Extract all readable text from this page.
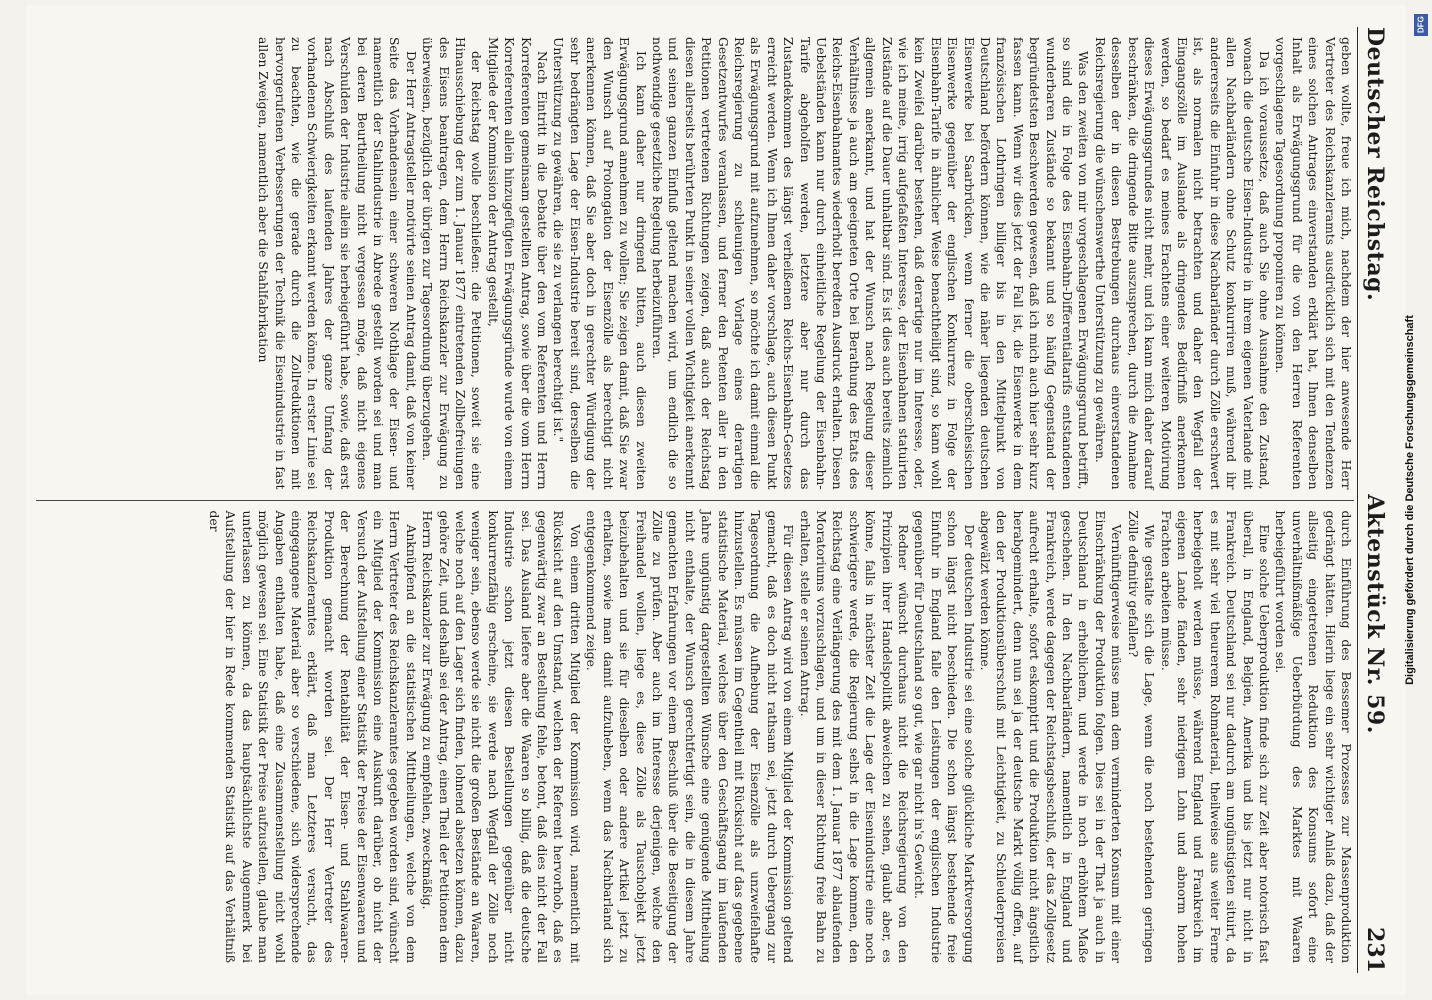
Deutscher Reichstag.
Aktenstück Nr. 59.
231

geben wollte, freue ich mich, nachdem der hier anwesende Herr Vertreter des Reichskanzleramts ausdrücklich sich mit den Tendenzen eines solchen Antrages einverstanden erklärt hat, Ihnen denselben Inhalt als Erwägungsgrund für die von den Herren Referenten vorgeschlagene Tagesordnung proponiren zu können.

Da ich voraussetze, daß auch Sie ohne Ausnahme den Zustand, wonach die deutsche Eisen-Industrie in ihrem eigenen Vaterlande mit allen Nachbarländern ohne Schutz konkurriren muß, während ihr andererseits die Einfuhr in diese Nachbarländer durch Zölle erschwert ist, als normalen nicht betrachten und daher den Wegfall der Eingangszölle im Auslande als dringendes Bedürfniß anerkennen werden, so bedarf es meines Erachtens einer weiteren Motivirung dieses Erwägungsgrundes nicht mehr, und ich kann mich daher darauf beschränken, die dringende Bitte auszusprechen, durch die Annahme desselben der in diesen Bestrebungen durchaus einverstandenen Reichsregierung die wünschenswerthe Unterstützung zu gewähren.

Was den zweiten von mir vorgeschlagenen Erwägungsgrund betrifft, so sind die in Folge des Eisenbahn-Differentialtarifs entstandenen wunderbaren Zustände so bekannt und so häufig Gegenstand der begründetsten Beschwerden gewesen, daß ich mich auch hier sehr kurz fassen kann. Wenn wir dies jetzt der Fall ist, die Eisenwerke in dem französischen Lothringen billiger bis in den Mittelpunkt von Deutschland befördern können, wie die näher liegenden deutschen Eisenwerke bei Saarbrücken, wenn ferner die oberschlesischen Eisenwerke gegenüber der englischen Konkurrenz in Folge der Eisenbahn-Tarife in ähnlicher Weise benachtheiligt sind, so kann wohl kein Zweifel darüber bestehen, daß derartige nur im Interesse, oder, wie ich meine, irrig aufgefaßten Interesse, der Eisenbahnen statuirten Zustände auf die Dauer unhaltbar sind. Es ist dies auch bereits ziemlich allgemein anerkannt, und hat der Wunsch nach Regelung dieser Verhältnisse ja auch am geeigneten Orte bei Berathung des Etats des Reichs-Eisenbahnamtes wiederholt beredten Ausdruck erhalten. Diesen Uebelständen kann nur durch einheitliche Regelung der Eisenbahn-Tarife abgeholfen werden, letztere aber nur durch das Zustandekommen des längst verheißenen Reichs-Eisenbahn-Gesetzes erreicht werden. Wenn ich Ihnen daher vorschlage, auch diesen Punkt als Erwägungsgrund mit aufzunehmen, so möchte ich damit einmal die Reichsregierung zu schleunigen Vorlage eines derartigen Gesetzentwurfes veranlassen, und ferner den Petenten aller in den Petitionen vertretenen Richtungen zeigen, daß auch der Reichstag diesen allerseits berührten Punkt in seiner vollen Wichtigkeit anerkennt und seinen ganzen Einfluß geltend machen wird, um endlich die so nothwendige gesetzliche Regelung herbeizuführen.

Ich kann daher nur dringend bitten, auch diesen zweiten Erwägungsgrund annehmen zu wollen; Sie zeigen damit, daß Sie zwar den Wunsch auf Prolongation der Eisenzölle als berechtigt nicht anerkennen können, daß Sie aber doch in gerechter Würdigung der sehr bedrängten Lage der Eisen-Industrie bereit sind, derselben die Unterstützung zu gewähren, die sie zu verlangen berechtigt ist."

Nach Eintritt in die Debatte über den vom Referenten und Herrn Korreferenten gemeinsam gestellten Antrag, sowie über die vom Herrn Korreferenten allein hinzugefügten Erwägungsgründe wurde von einem Mitgliede der Kommission der Antrag gestellt,

der Reichstag wolle beschließen: die Petitionen, soweit sie eine Hinausschiebung der zum 1. Januar 1877 eintretenden Zollbefreiungen des Eisens beantragen, dem Herrn Reichskanzler zur Erwägung zu überweisen, bezüglich der übrigen zur Tagesordnung überzugehen.

Der Herr Antragsteller motivirte seinen Antrag damit, daß von keiner Seite das Vorhandensein einer schweren Nothlage der Eisen- und namentlich der Stahlindustrie in Abrede gestellt worden sei und man bei deren Beurtheilung nicht vergessen möge, daß nicht eigenes Verschulden der Industrie allein sie herbeigeführt habe, sowie, daß erst nach Abschluß des laufenden Jahres der ganze Umfang der vorhandenen Schwierigkeiten erkannt werden könne. In erster Linie sei zu beachten, wie die gerade durch die Zollreduktionen mit hervorgerufenen Verbesserungen der Technik die Eisenindustrie in fast allen Zweigen, namentlich aber die Stahlfabrikation

durch Einführung des Bessemer Prozesses zur Massenproduktion gedrängt hätten. Hierin liege ein sehr wichtiger Anlaß dazu, daß der allseitig eingetretenen Reduktion des Konsums sofort eine unverhältnißmäßige Ueberbürdung des Marktes mit Waaren herbeigeführt worden sei.

Eine solche Ueberproduktion finde sich zur Zeit aber notorisch fast überall, in England, Belgien, Amerika und bis jetzt nur nicht in Frankreich. Deutschland sei nur dadurch am ungünstigsten situirt, da es mit sehr viel theurerem Rohmaterial, theilweise aus weiter Ferne herbeigeholt werden müsse, während England und Frankreich im eigenen Lande fänden, sehr niedrigem Lohn und abnorm hohen Frachten arbeiten müsse.

Wie gestalte sich die Lage, wenn die noch bestehenden geringen Zölle definitiv gefallen?

Vernünftigerweise müsse man dem verminderten Konsum mit einer Einschränkung der Produktion folgen. Dies sei in der That ja auch in Deutschland in erheblichem, und werde in noch erhöhtem Maße geschehen. In den Nachbarländern, namentlich in England und Frankreich, werde dagegen der Reichstagsbeschluß, der das Zollgesetz aufrecht erhalte, sofort eskomptirt und die Produktion nicht ängstlich herabgemindert, denn nun sei ja der deutsche Markt völlig offen, auf den der Produktionsüberschuß mit Leichtigkeit, zu Schleuderpreisen abgewälzt werden könne.

Der deutschen Industrie sei eine solche glückliche Marktversorgung schon längst nicht beschieden. Die schon längst bestehende freie Einfuhr in England falle den Leistungen der englischen Industrie gegenüber für Deutschland so gut, wie gar nicht in's Gewicht.

Redner wünscht durchaus nicht die Reichsregierung von den Prinzipien ihrer Handelspolitik abweichen zu sehen, glaubt aber, es könne, falls in nächster Zeit die Lage der Eisenindustrie eine noch schwierigere werde, die Regierung selbst in die Lage kommen, den Reichstag eine Verlängerung des mit dem 1. Januar 1877 ablaufenden Moratoriums vorzuschlagen, und um in dieser Richtung freie Bahn zu erhalten, stelle er seinen Antrag.

Für diesen Antrag wird von einem Mitglied der Kommission geltend gemacht, daß es doch nicht rathsam sei, jetzt durch Uebergang zur Tagesordnung die Aufhebung der Eisenzölle als unzweifelhafte hinzustellen. Es müssen im Gegentheil mit Rücksicht auf das gegebene statistische Material, welches über den Geschäftsgang im laufenden Jahre ungünstig dargestellten Wünsche eine genügende Mittheilung nicht enthalte, der Wunsch gerechtfertigt sein, die in diesem Jahre gemachten Erfahrungen vor einem Beschluß über die Beseitigung der Zölle zu prüfen. Aber auch im Interesse derjenigen, welche den Freihandel wollen, liege es, diese Zölle als Tauschobjekt jetzt beizubehalten und sie für dieselben oder andere Artikel jetzt zu erhalten, sowie man damit aufzuheben, wenn das Nachbarland sich entgegenkommend zeige.

Von einem dritten Mitglied der Kommission wird, namentlich mit Rücksicht auf den Umstand, welchen der Referent hervorhob, daß es gegenwärtig zwar an Bestellung fehle, betont, daß dies nicht der Fall sei. Das Ausland liefere aber die Waaren so billig, daß die deutsche Industrie schon jetzt diesen Bestellungen gegenüber nicht konkurrenzfähig erscheine, sie werde nach Wegfall der Zölle noch weniger sein, ebenso werde sie nicht die großen Bestände an Waaren, welche noch auf den Lager sich finden, lohnend absetzen können, dazu gehöre Zeit, und deshalb sei der Antrag, einen Theil der Petitionen dem Herrn Reichskanzler zur Erwägung zu empfehlen, zweckmäßig.

Anknüpfend an die statistischen Mittheilungen, welche von dem Herrn Vertreter des Reichskanzleramtes gegeben worden sind, wünscht ein Mitglied der Kommission eine Auskunft darüber, ob nicht der Versuch der Aufstellung einer Statistik der Preise der Eisenwaaren und der Berechnung der Rentabilität der Eisen- und Stahlwaaren-Produktion gemacht worden sei. Der Herr Vertreter des Reichskanzleramtes erklärt, daß man Letzteres versucht, das eingegangene Material aber so verschiedene, sich widersprechende Angaben enthalten habe, daß eine Zusammenstellung nicht wohl möglich gewesen sei. Eine Statistik der Preise aufzustellen, glaube man unterlassen zu können, da das hauptsächlichste Augenmerk bei Aufstellung der hier in Rede kommenden Statistik auf das Verhältniß der	Digitalisierung gefördert durch die Deutsche Forschungsgemeinschaft
DFG
